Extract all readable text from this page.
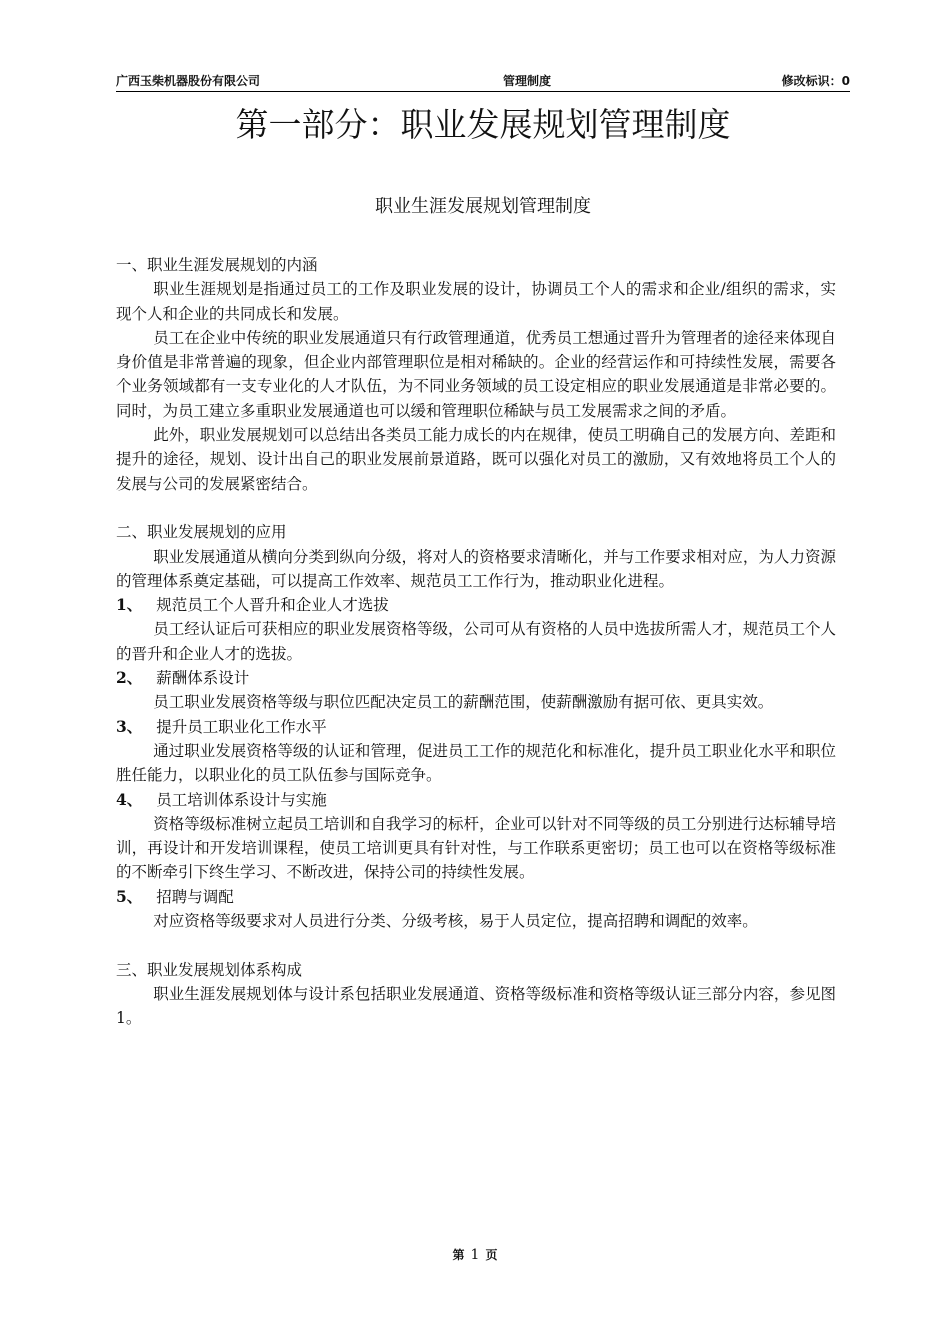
广西玉柴机器股份有限公司	管理制度	修改标识：0
第一部分：职业发展规划管理制度
职业生涯发展规划管理制度

一、职业生涯发展规划的内涵

职业生涯规划是指通过员工的工作及职业发展的设计，协调员工个人的需求和企业/组织的需求，实现个人和企业的共同成长和发展。

员工在企业中传统的职业发展通道只有行政管理通道，优秀员工想通过晋升为管理者的途径来体现自身价值是非常普遍的现象，但企业内部管理职位是相对稀缺的。企业的经营运作和可持续性发展，需要各个业务领域都有一支专业化的人才队伍，为不同业务领域的员工设定相应的职业发展通道是非常必要的。同时，为员工建立多重职业发展通道也可以缓和管理职位稀缺与员工发展需求之间的矛盾。

此外，职业发展规划可以总结出各类员工能力成长的内在规律，使员工明确自己的发展方向、差距和提升的途径，规划、设计出自己的职业发展前景道路，既可以强化对员工的激励，又有效地将员工个人的发展与公司的发展紧密结合。

二、职业发展规划的应用

职业发展通道从横向分类到纵向分级，将对人的资格要求清晰化，并与工作要求相对应，为人力资源的管理体系奠定基础，可以提高工作效率、规范员工工作行为，推动职业化进程。

1、 规范员工个人晋升和企业人才选拔

员工经认证后可获相应的职业发展资格等级，公司可从有资格的人员中选拔所需人才，规范员工个人的晋升和企业人才的选拔。

2、 薪酬体系设计

员工职业发展资格等级与职位匹配决定员工的薪酬范围，使薪酬激励有据可依、更具实效。

3、 提升员工职业化工作水平

通过职业发展资格等级的认证和管理，促进员工工作的规范化和标准化，提升员工职业化水平和职位胜任能力，以职业化的员工队伍参与国际竞争。

4、 员工培训体系设计与实施

资格等级标准树立起员工培训和自我学习的标杆，企业可以针对不同等级的员工分别进行达标辅导培训，再设计和开发培训课程，使员工培训更具有针对性，与工作联系更密切；员工也可以在资格等级标准的不断牵引下终生学习、不断改进，保持公司的持续性发展。

5、 招聘与调配

对应资格等级要求对人员进行分类、分级考核，易于人员定位，提高招聘和调配的效率。

三、职业发展规划体系构成

职业生涯发展规划体与设计系包括职业发展通道、资格等级标准和资格等级认证三部分内容，参见图1。

第 1 页
